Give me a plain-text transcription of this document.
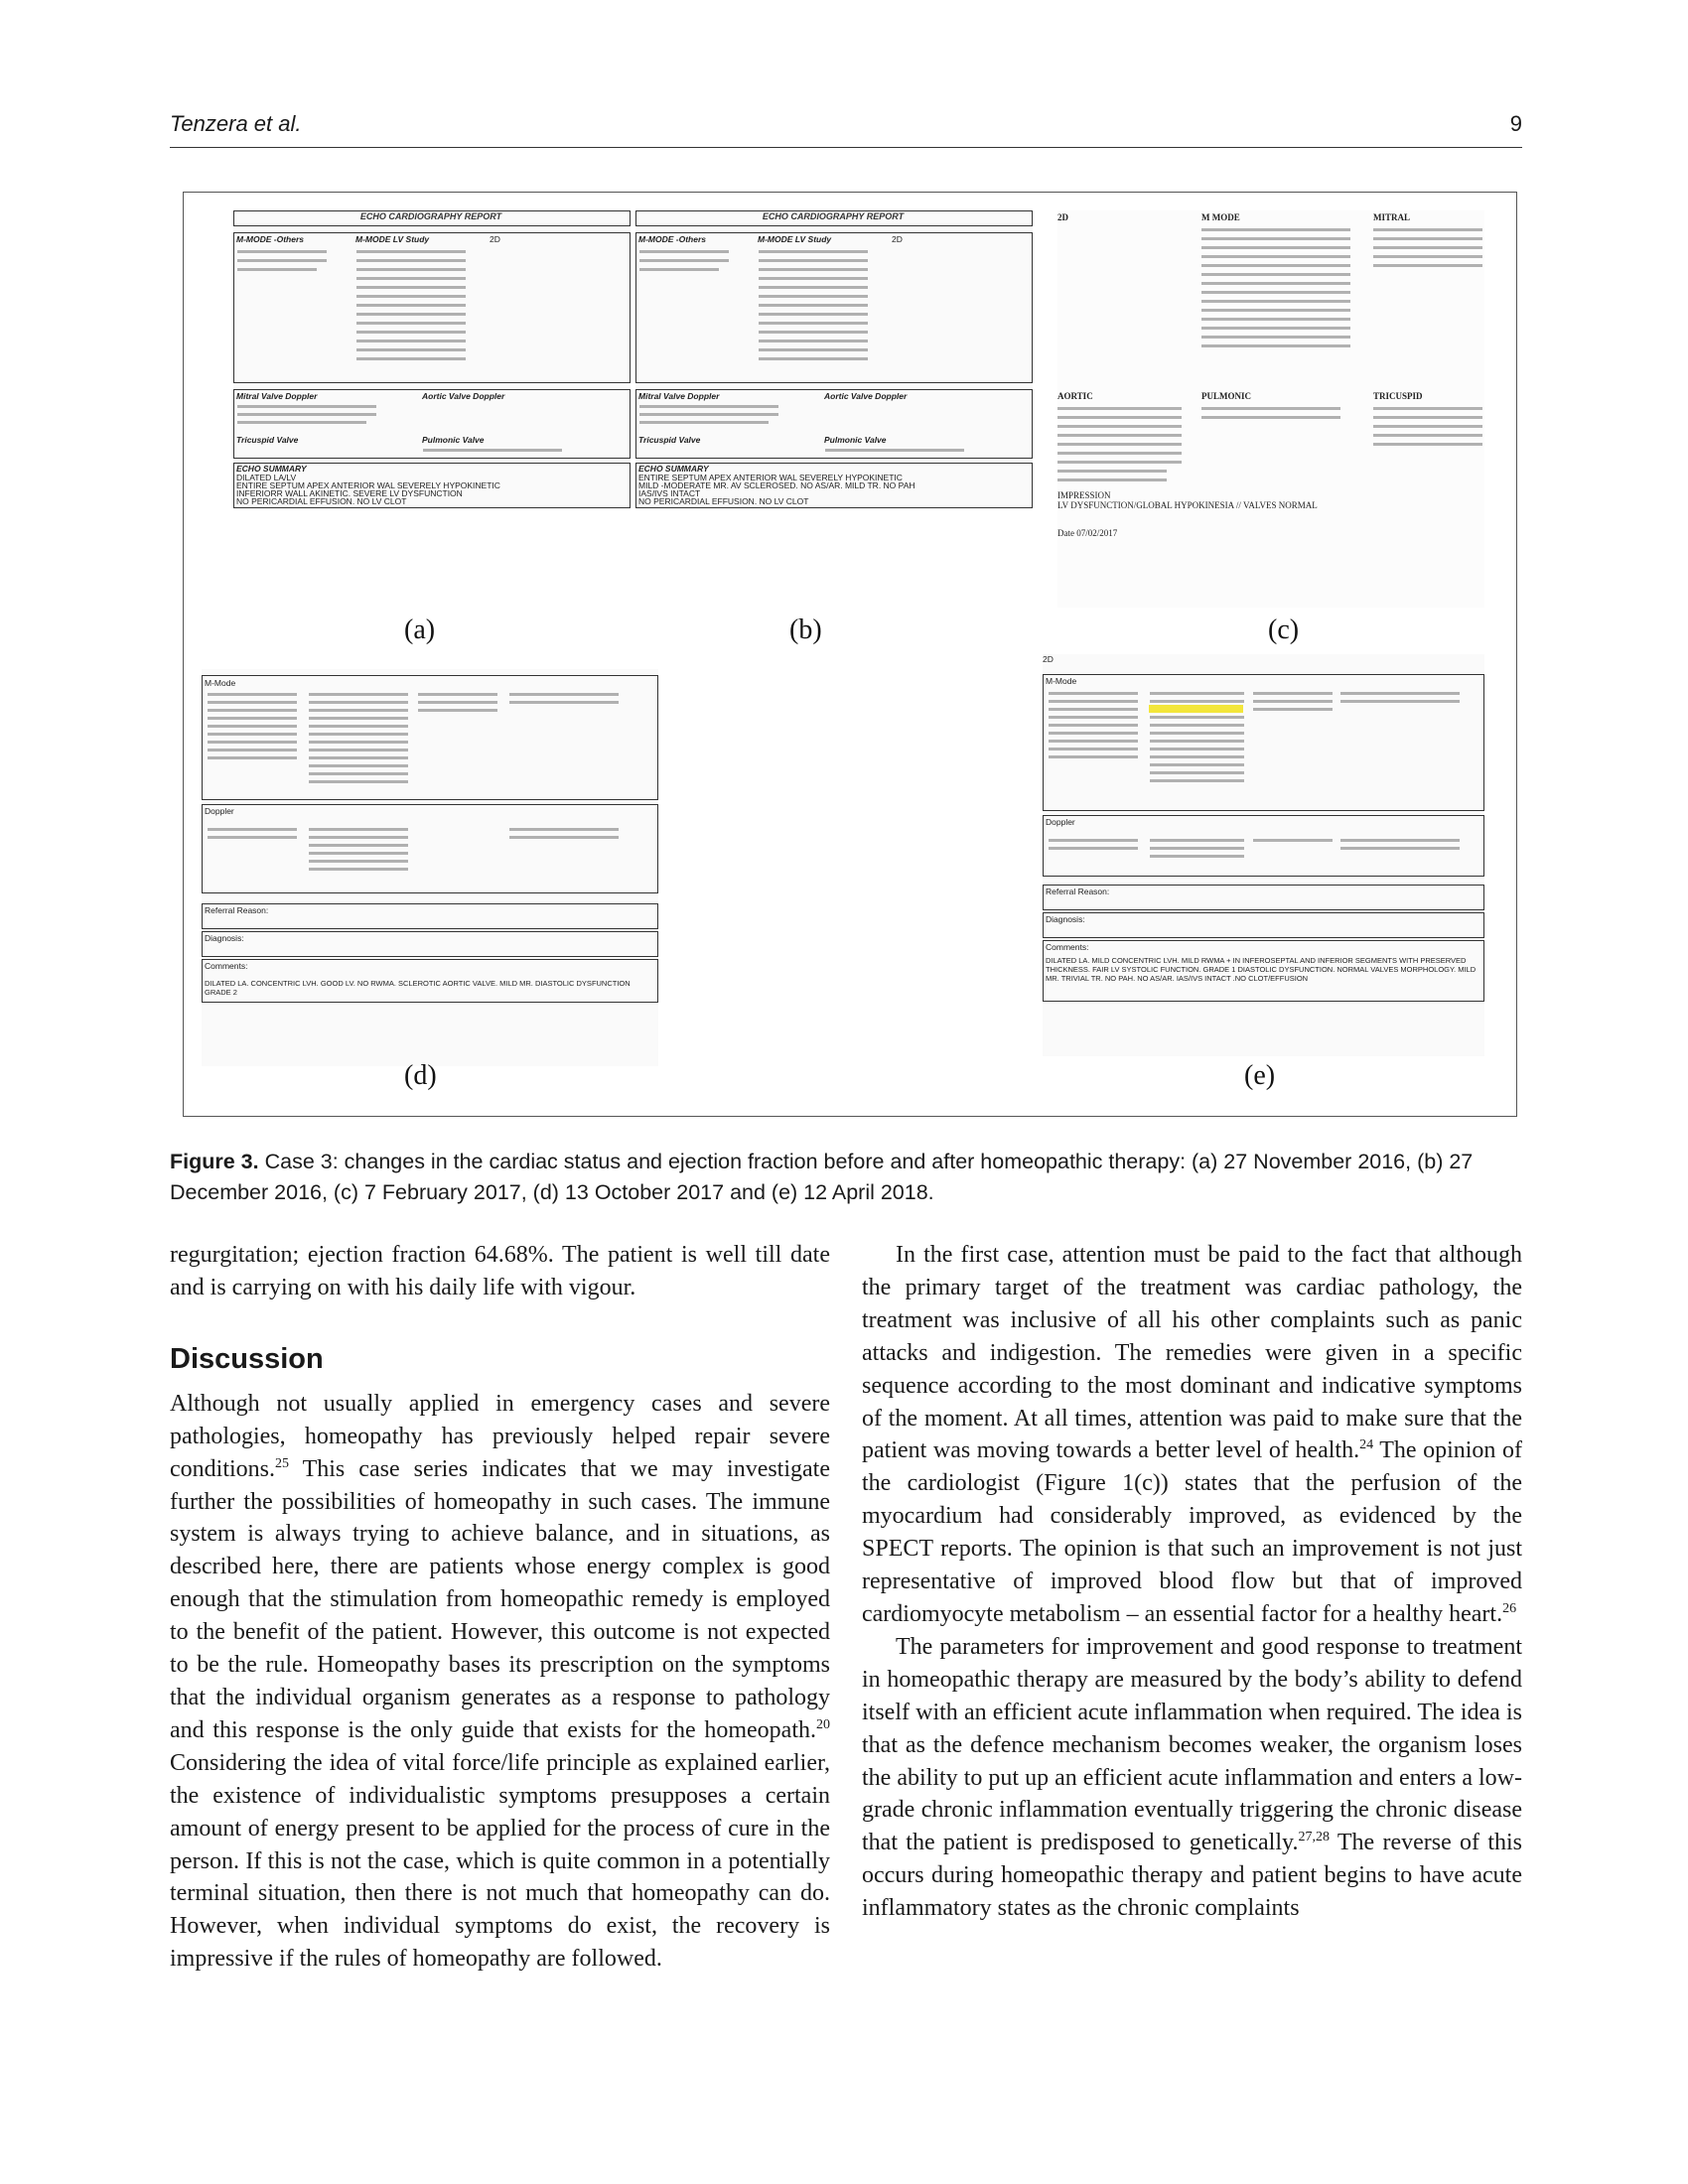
Tenzera et al.	9
ECHO CARDIOGRAPHY REPORT
M-MODE -Others	M-MODE LV Study	2D
Mitral Valve Doppler	Aortic Valve Doppler
Tricuspid Valve	Pulmonic Valve
ECHO SUMMARY
DILATED LA/LV
ENTIRE SEPTUM APEX ANTERIOR WAL SEVERELY HYPOKINETIC
INFERIORR WALL AKINETIC. SEVERE LV DYSFUNCTION
NO PERICARDIAL EFFUSION. NO LV CLOT
(a)
ECHO CARDIOGRAPHY REPORT
M-MODE -Others	M-MODE LV Study	2D
Mitral Valve Doppler	Aortic Valve Doppler
Tricuspid Valve	Pulmonic Valve
ECHO SUMMARY
ENTIRE SEPTUM APEX ANTERIOR WAL SEVERELY HYPOKINETIC
MILD -MODERATE MR. AV SCLEROSED. NO AS/AR. MILD TR. NO PAH
IAS/IVS INTACT
NO PERICARDIAL EFFUSION. NO LV CLOT
(b)
2D	M MODE	MITRAL
AORTIC	PULMONIC	TRICUSPID
IMPRESSION
LV DYSFUNCTION/GLOBAL HYPOKINESIA // VALVES NORMAL
Date 07/02/2017
(c)
M-Mode
Doppler
Referral Reason:
Diagnosis:
Comments:
DILATED LA. CONCENTRIC LVH. GOOD LV. NO RWMA. SCLEROTIC AORTIC VALVE. MILD MR. DIASTOLIC DYSFUNCTION GRADE 2
(d)
2D
M-Mode
Doppler
Referral Reason:
Diagnosis:
Comments:
DILATED LA. MILD CONCENTRIC LVH. MILD RWMA + IN INFEROSEPTAL AND INFERIOR SEGMENTS WITH PRESERVED THICKNESS. FAIR LV SYSTOLIC FUNCTION. GRADE 1 DIASTOLIC DYSFUNCTION. NORMAL VALVES MORPHOLOGY. MILD MR. TRIVIAL TR. NO PAH. NO AS/AR. IAS/IVS INTACT .NO CLOT/EFFUSION
(e)
Figure 3. Case 3: changes in the cardiac status and ejection fraction before and after homeopathic therapy: (a) 27 November 2016, (b) 27 December 2016, (c) 7 February 2017, (d) 13 October 2017 and (e) 12 April 2018.

regurgitation; ejection fraction 64.68%. The patient is well till date and is carrying on with his daily life with vigour.

Discussion

Although not usually applied in emergency cases and severe pathologies, homeopathy has previously helped repair severe conditions.$^{25}$ This case series indicates that we may investigate further the possibilities of homeopathy in such cases. The immune system is always trying to achieve balance, and in situations, as described here, there are patients whose energy complex is good enough that the stimulation from homeopathic remedy is employed to the benefit of the patient. However, this outcome is not expected to be the rule. Homeopathy bases its prescription on the symptoms that the individual organism generates as a response to pathology and this response is the only guide that exists for the homeopath.$^{20}$ Considering the idea of vital force/life principle as explained earlier, the existence of individualistic symptoms presupposes a certain amount of energy present to be applied for the process of cure in the person. If this is not the case, which is quite common in a potentially terminal situation, then there is not much that homeopathy can do. However, when individual symptoms do exist, the recovery is impressive if the rules of homeopathy are followed.

In the first case, attention must be paid to the fact that although the primary target of the treatment was cardiac pathology, the treatment was inclusive of all his other complaints such as panic attacks and indigestion. The remedies were given in a specific sequence according to the most dominant and indicative symptoms of the moment. At all times, attention was paid to make sure that the patient was moving towards a better level of health.$^{24}$ The opinion of the cardiologist (Figure 1(c)) states that the perfusion of the myocardium had considerably improved, as evidenced by the SPECT reports. The opinion is that such an improvement is not just representative of improved blood flow but that of improved cardiomyocyte metabolism – an essential factor for a healthy heart.$^{26}$

The parameters for improvement and good response to treatment in homeopathic therapy are measured by the body’s ability to defend itself with an efficient acute inflammation when required. The idea is that as the defence mechanism becomes weaker, the organism loses the ability to put up an efficient acute inflammation and enters a low-grade chronic inflammation eventually triggering the chronic disease that the patient is predisposed to genetically.$^{27,28}$ The reverse of this occurs during homeopathic therapy and patient begins to have acute inflammatory states as the chronic complaints
